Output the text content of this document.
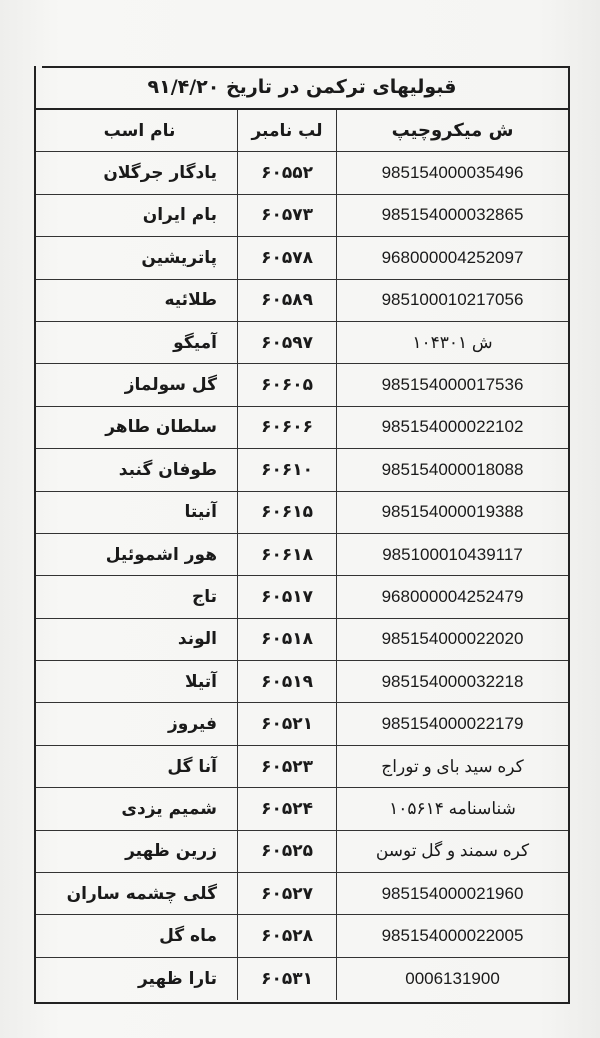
قبولیهای ترکمن در تاریخ ۹۱/۴/۲۰
ش میکروچیپ
لب نامبر
نام اسب
985154000035496
۶۰۵۵۲
یادگار جرگلان
985154000032865
۶۰۵۷۳
بام ایران
968000004252097
۶۰۵۷۸
پاتریشین
985100010217056
۶۰۵۸۹
طلائیه
ش ۱۰۴۳۰۱
۶۰۵۹۷
آمیگو
985154000017536
۶۰۶۰۵
گل سولماز
985154000022102
۶۰۶۰۶
سلطان طاهر
985154000018088
۶۰۶۱۰
طوفان گنبد
985154000019388
۶۰۶۱۵
آنیتا
985100010439117
۶۰۶۱۸
هور اشموئیل
968000004252479
۶۰۵۱۷
تاج
985154000022020
۶۰۵۱۸
الوند
985154000032218
۶۰۵۱۹
آتیلا
985154000022179
۶۰۵۲۱
فیروز
کره سید بای و توراج
۶۰۵۲۳
آنا گل
شناسنامه ۱۰۵۶۱۴
۶۰۵۲۴
شمیم یزدی
کره سمند و گل توسن
۶۰۵۲۵
زرین ظهیر
985154000021960
۶۰۵۲۷
گلی چشمه ساران
985154000022005
۶۰۵۲۸
ماه گل
0006131900
۶۰۵۳۱
تارا ظهیر
